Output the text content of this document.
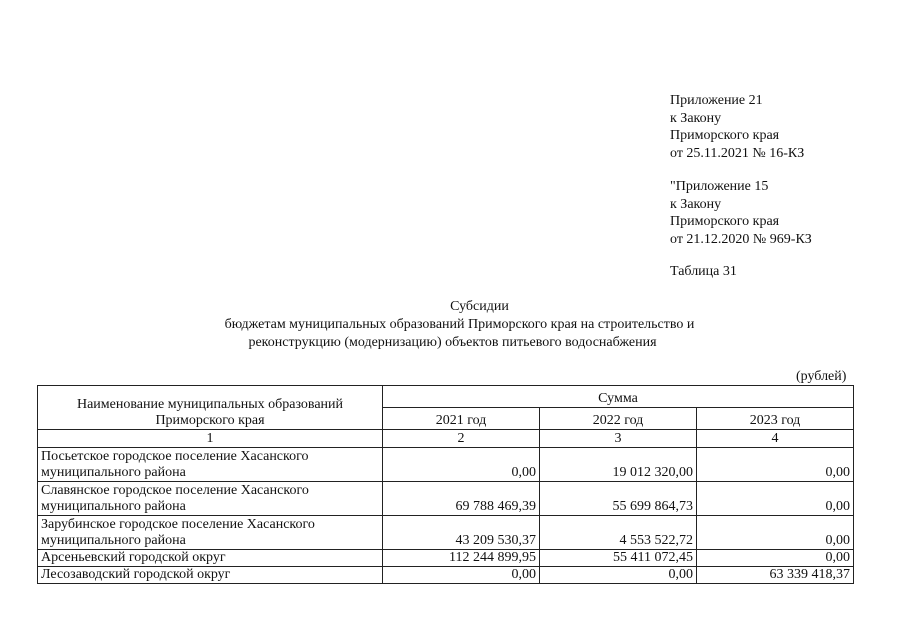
Приложение 21
к Закону
Приморского края
от 25.11.2021 № 16-КЗ
"Приложение 15
к Закону
Приморского края
от 21.12.2020 № 969-КЗ
Таблица 31
Субсидии
бюджетам муниципальных образований Приморского края на строительство и
реконструкцию (модернизацию) объектов питьевого водоснабжения
(рублей)
Наименование муниципальных образований Приморского края	Сумма		
	2021 год	2022 год	2023 год
1	2	3	4
Посьетское городское поселение Хасанского муниципального района	0,00	19 012 320,00	0,00
Славянское городское поселение Хасанского муниципального района	69 788 469,39	55 699 864,73	0,00
Зарубинское городское поселение Хасанского муниципального района	43 209 530,37	4 553 522,72	0,00
Арсеньевский городской округ	112 244 899,95	55 411 072,45	0,00
Лесозаводский городской округ	0,00	0,00	63 339 418,37
